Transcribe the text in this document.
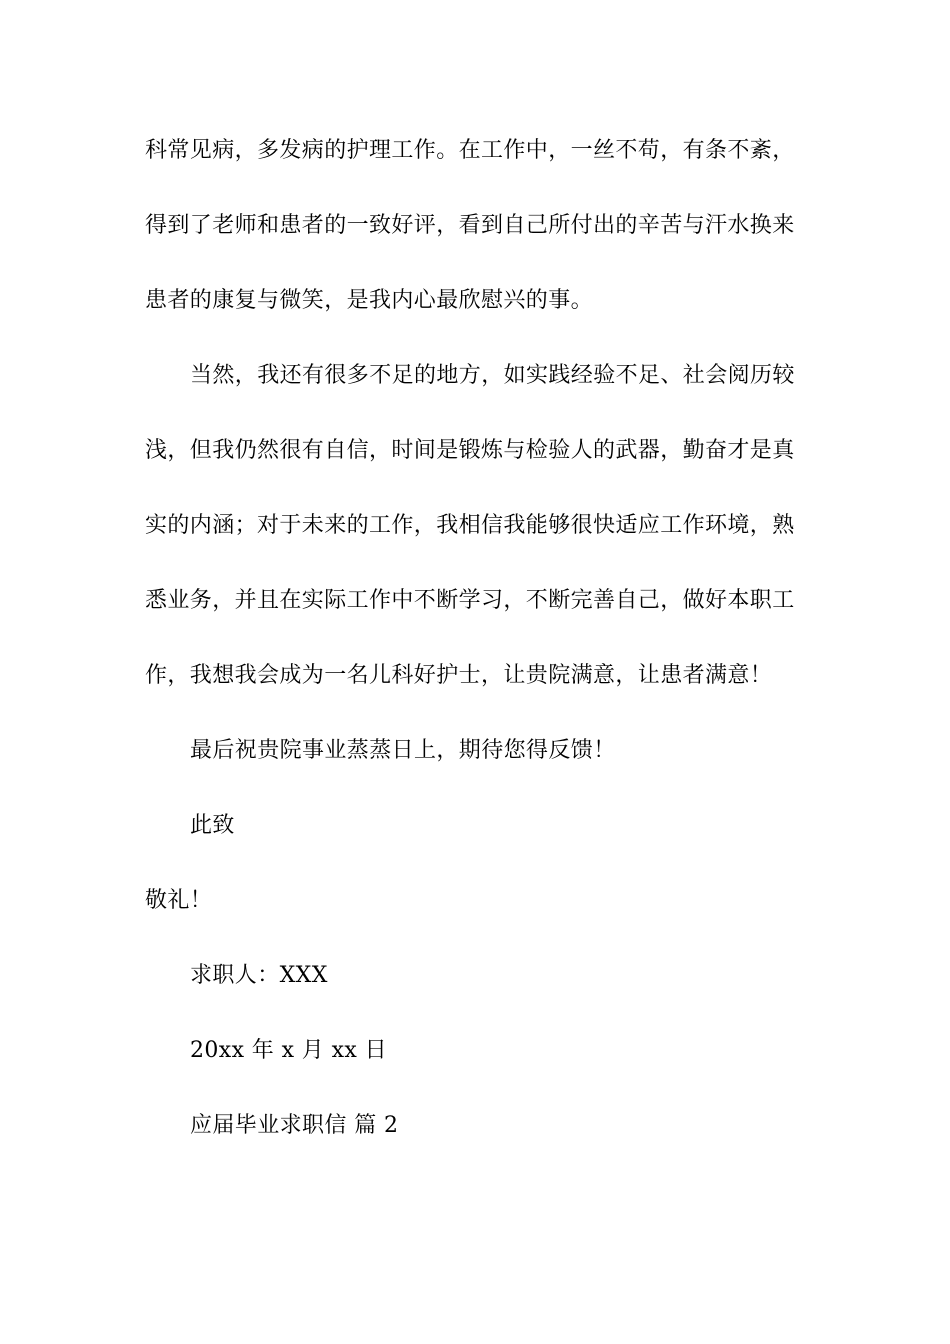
科常见病，多发病的护理工作。在工作中，一丝不苟，有条不紊，
得到了老师和患者的一致好评，看到自己所付出的辛苦与汗水换来
患者的康复与微笑，是我内心最欣慰兴的事。
当然，我还有很多不足的地方，如实践经验不足、社会阅历较
浅，但我仍然很有自信，时间是锻炼与检验人的武器，勤奋才是真
实的内涵；对于未来的工作，我相信我能够很快适应工作环境，熟
悉业务，并且在实际工作中不断学习，不断完善自己，做好本职工
作，我想我会成为一名儿科好护士，让贵院满意，让患者满意！
最后祝贵院事业蒸蒸日上，期待您得反馈！
此致
敬礼！
求职人：XXX
20xx 年 x 月 xx 日
应届毕业求职信 篇 2
